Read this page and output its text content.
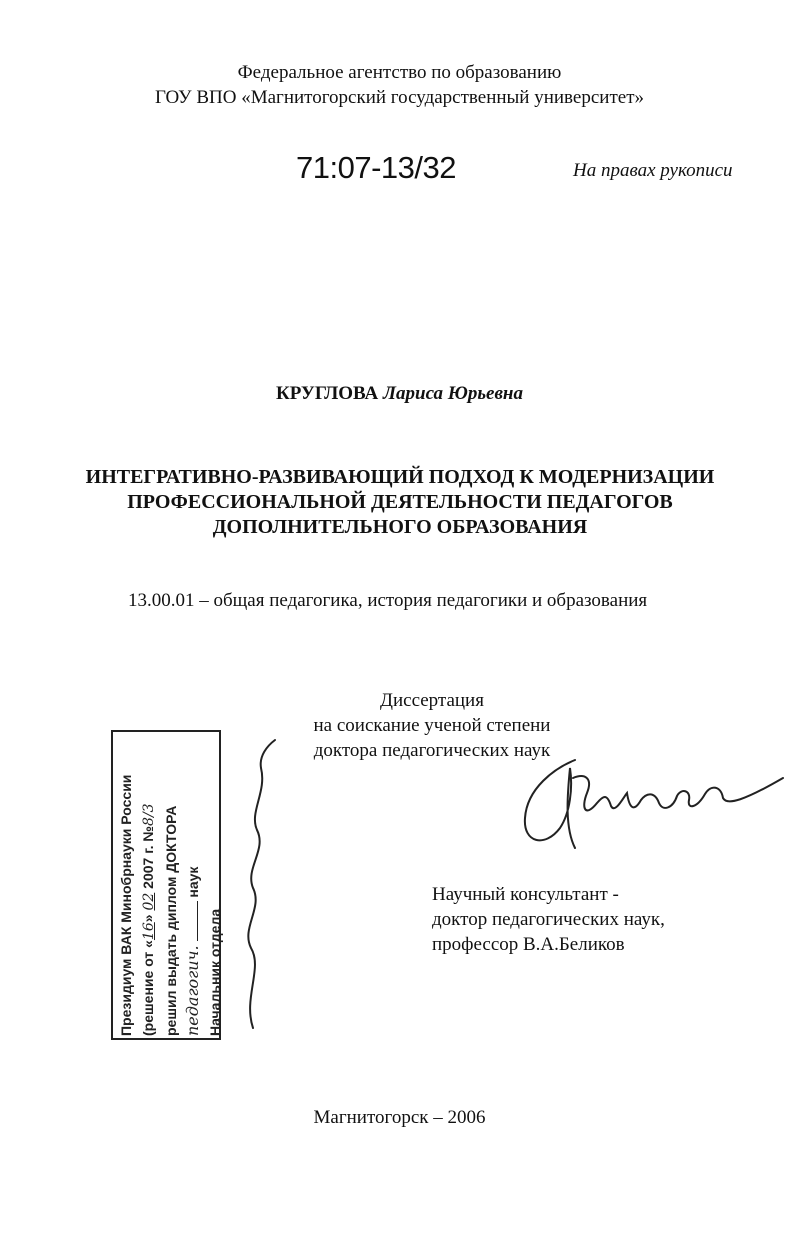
Федеральное агентство по образованию
ГОУ ВПО «Магнитогорский государственный университет»
71:07-13/32	На правах рукописи
КРУГЛОВА Лариса Юрьевна
ИНТЕГРАТИВНО-РАЗВИВАЮЩИЙ ПОДХОД К МОДЕРНИЗАЦИИ
ПРОФЕССИОНАЛЬНОЙ ДЕЯТЕЛЬНОСТИ ПЕДАГОГОВ
ДОПОЛНИТЕЛЬНОГО ОБРАЗОВАНИЯ
13.00.01 – общая педагогика, история педагогики и образования
Диссертация
на соискание ученой степени
доктора педагогических наук
Научный консультант -
доктор педагогических наук,
профессор В.А.Беликов
Президиум ВАК Минобрнауки России (решение от «16» 02 2007 г. №8/3 решил выдать диплом ДОКТОРА педагогич.  наук
Начальник отдела
Магнитогорск – 2006
